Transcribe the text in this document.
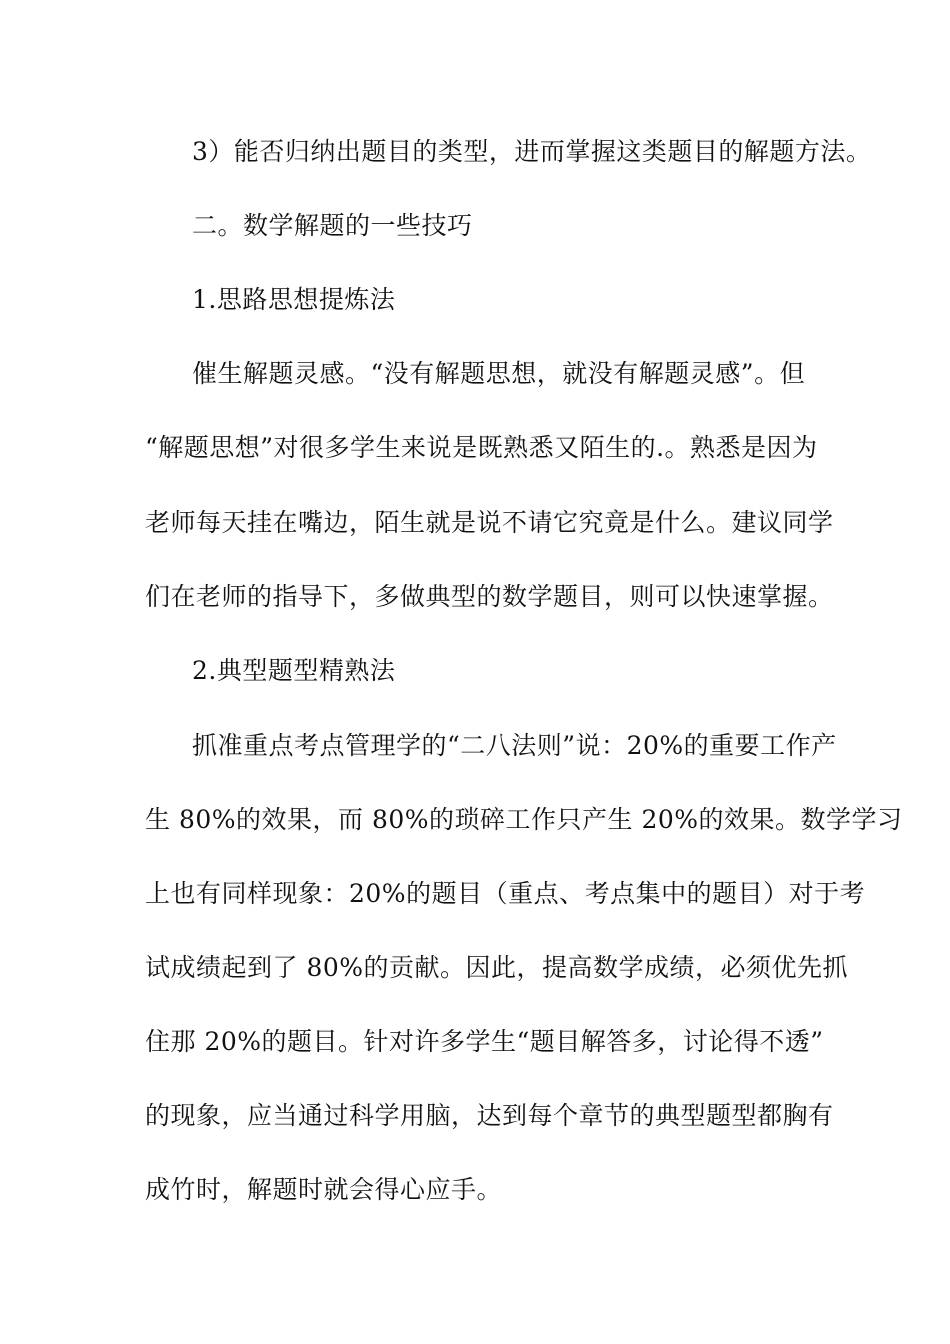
3）能否归纳出题目的类型，进而掌握这类题目的解题方法。
二。数学解题的一些技巧
1.思路思想提炼法
催生解题灵感。“没有解题思想，就没有解题灵感”。但
“解题思想”对很多学生来说是既熟悉又陌生的.。熟悉是因为
老师每天挂在嘴边，陌生就是说不请它究竟是什么。建议同学
们在老师的指导下，多做典型的数学题目，则可以快速掌握。
2.典型题型精熟法
抓准重点考点管理学的“二八法则”说：20%的重要工作产
生 80%的效果，而 80%的琐碎工作只产生 20%的效果。数学学习
上也有同样现象：20%的题目（重点、考点集中的题目）对于考
试成绩起到了 80%的贡献。因此，提高数学成绩，必须优先抓
住那 20%的题目。针对许多学生“题目解答多，讨论得不透”
的现象，应当通过科学用脑，达到每个章节的典型题型都胸有
成竹时，解题时就会得心应手。
